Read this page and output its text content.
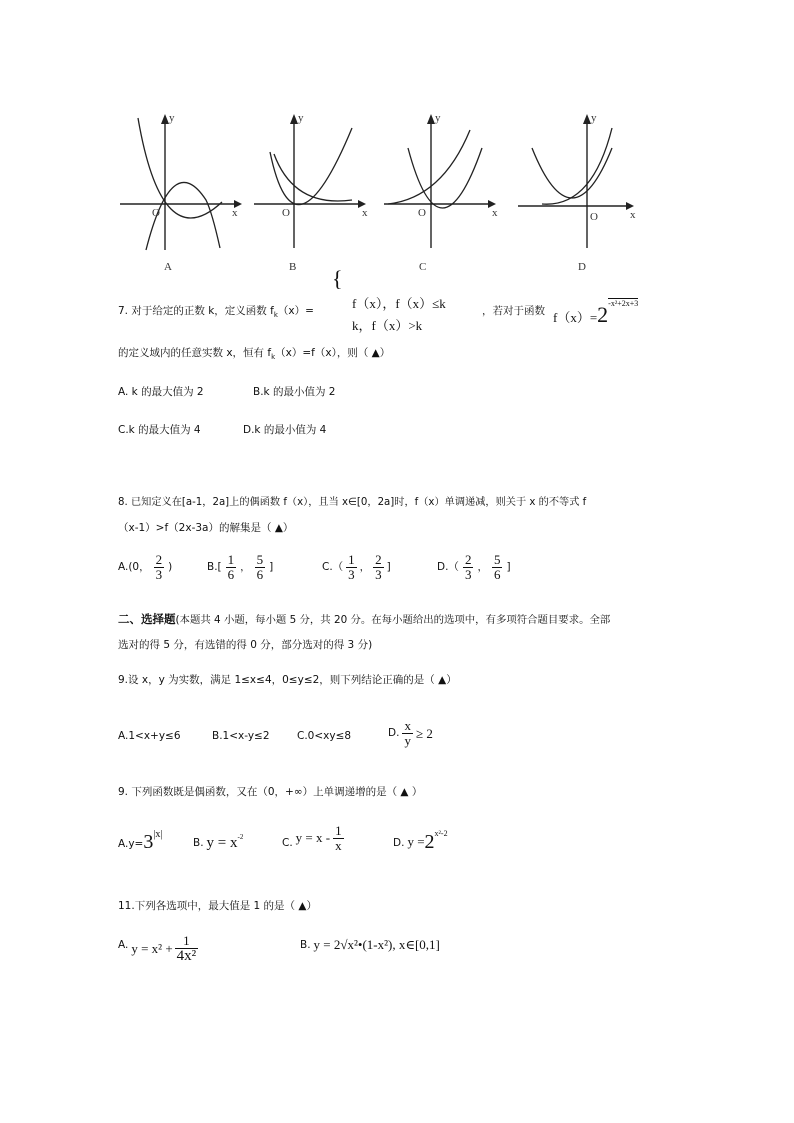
y
x
O
A
y
x
O
B
y
x
O
C
y
x
O
D
7. 对于给定的正数 k，定义函数 $f_k(x)=$
{
f（x），f（x）≤k
k，f（x）>k
，若对于函数 $f(x)=2^{-x^2+2x+3}$
的定义域内的任意实数 x，恒有 $f_k(x)=f(x)$，则（ ▲）
A. k 的最大值为 2	B.k 的最小值为 2
C.k 的最大值为 4	D.k 的最小值为 4
8. 已知定义在[a-1，2a]上的偶函数 f（x），且当 x∈[0，2a]时，f（x）单调递减，则关于 x 的不等式 f
（x-1）>f（2x-3a）的解集是（ ▲）
A.(0， $\frac{2}{3}$ )	$B.[ \frac{1}{6}$ ， $\frac{5}{6}$ ]	$C.( \frac{1}{3}$ ， $\frac{2}{3}$ ]	$D.( \frac{2}{3}$ ， $\frac{5}{6}$ ]
二、选择题(本题共 4 小题，每小题 5 分，共 20 分。在每小题给出的选项中，有多项符合题目要求。全部
选对的得 5 分，有选错的得 0 分，部分选对的得 3 分)
9.设 x，y 为实数，满足 1≤x≤4，0≤y≤2，则下列结论正确的是（ ▲）
A.1<x+y≤6	B.1<x-y≤2	C.0<xy≤8	D. $\frac{x}{y} \ge 2$
9. 下列函数既是偶函数，又在（0，+∞）上单调递增的是（ ▲ ）
A.y= 3 |x|
B. y = x -2	C. $y = x - \frac{1}{x}$	D. y = 2 x²-2
11.下列各选项中，最大值是 1 的是（ ▲）
A. $y = x^2 + \frac{1}{\text{4x²}}$	B. y = 2√x²•(1-x²), x∈[0,1]
